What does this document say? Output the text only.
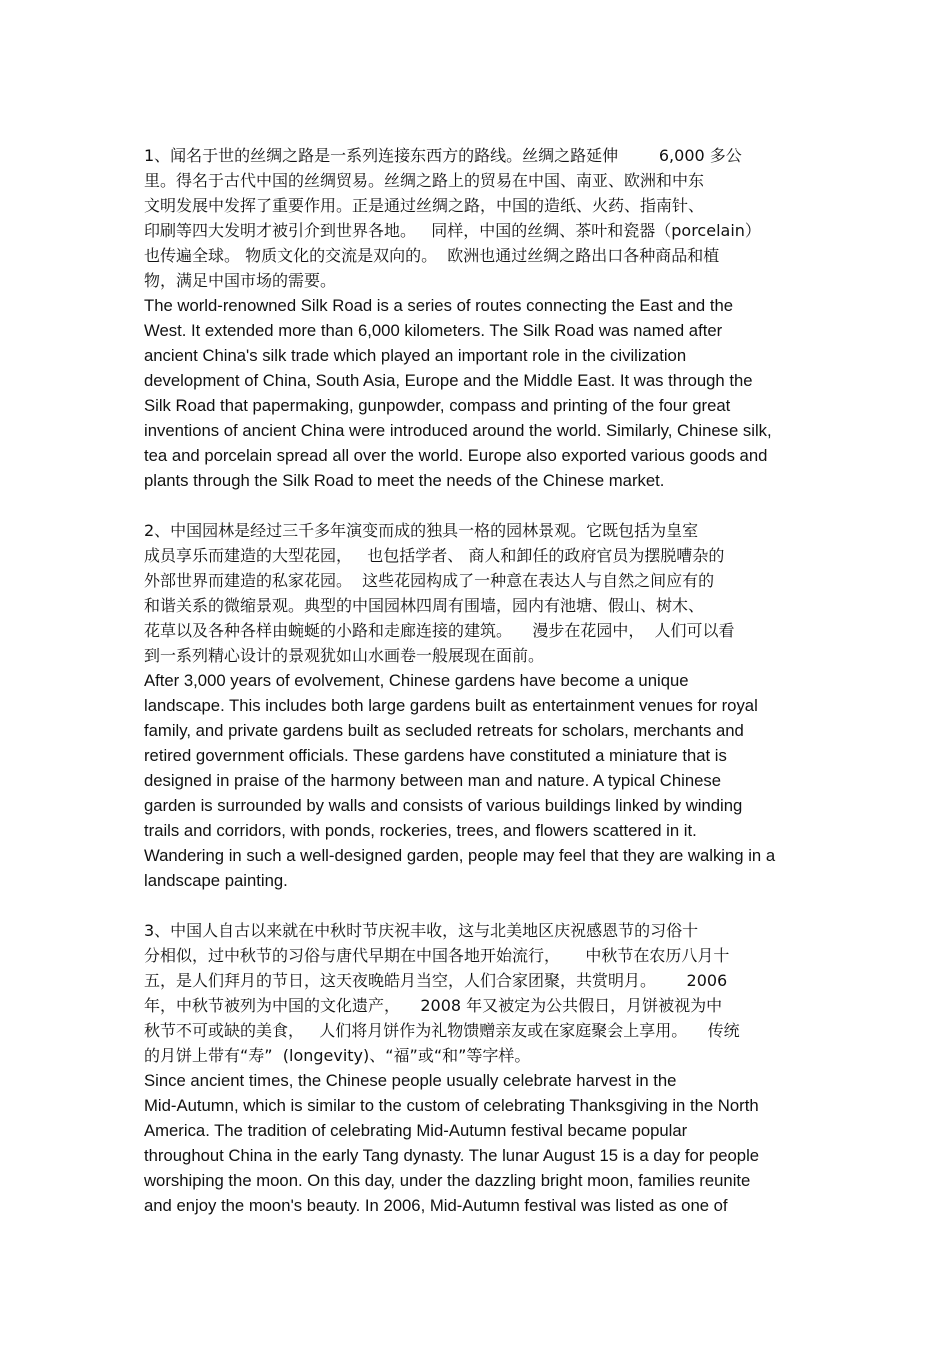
1、闻名于世的丝绸之路是一系列连接东西方的路线。丝绸之路延伸        6,000 多公
里。得名于古代中国的丝绸贸易。丝绸之路上的贸易在中国、南亚、欧洲和中东
文明发展中发挥了重要作用。正是通过丝绸之路，中国的造纸、火药、指南针、
印刷等四大发明才被引介到世界各地。   同样，中国的丝绸、茶叶和瓷器（porcelain）
也传遍全球。 物质文化的交流是双向的。  欧洲也通过丝绸之路出口各种商品和植
物，满足中国市场的需要。
The world-renowned Silk Road is a series of routes connecting the East and the
West. It extended more than 6,000 kilometers. The Silk Road was named after
ancient China's silk trade which played an important role in the civilization
development of China, South Asia, Europe and the Middle East. It was through the
Silk Road that papermaking, gunpowder, compass and printing of the four great
inventions of ancient China were introduced around the world. Similarly, Chinese silk,
tea and porcelain spread all over the world. Europe also exported various goods and
plants through the Silk Road to meet the needs of the Chinese market.
2、中国园林是经过三千多年演变而成的独具一格的园林景观。它既包括为皇室
成员享乐而建造的大型花园，   也包括学者、 商人和卸任的政府官员为摆脱嘈杂的
外部世界而建造的私家花园。  这些花园构成了一种意在表达人与自然之间应有的
和谐关系的微缩景观。典型的中国园林四周有围墙，园内有池塘、假山、树木、
花草以及各种各样由蜿蜒的小路和走廊连接的建筑。    漫步在花园中，  人们可以看
到一系列精心设计的景观犹如山水画卷一般展现在面前。
After 3,000 years of evolvement, Chinese gardens have become a unique
landscape. This includes both large gardens built as entertainment venues for royal
family, and private gardens built as secluded retreats for scholars, merchants and
retired government officials. These gardens have constituted a miniature that is
designed in praise of the harmony between man and nature. A typical Chinese
garden is surrounded by walls and consists of various buildings linked by winding
trails and corridors, with ponds, rockeries, trees, and flowers scattered in it.
Wandering in such a well-designed garden, people may feel that they are walking in a
landscape painting.
3、中国人自古以来就在中秋时节庆祝丰收，这与北美地区庆祝感恩节的习俗十
分相似，过中秋节的习俗与唐代早期在中国各地开始流行，     中秋节在农历八月十
五，是人们拜月的节日，这天夜晚皓月当空，人们合家团聚，共赏明月。      2006
年，中秋节被列为中国的文化遗产，    2008 年又被定为公共假日，月饼被视为中
秋节不可或缺的美食，   人们将月饼作为礼物馈赠亲友或在家庭聚会上享用。    传统
的月饼上带有“寿”  (longevity)、“福”或“和”等字样。
Since ancient times, the Chinese people usually celebrate harvest in the
Mid-Autumn, which is similar to the custom of celebrating Thanksgiving in the North
America. The tradition of celebrating Mid-Autumn festival became popular
throughout China in the early Tang dynasty. The lunar August 15 is a day for people
worshiping the moon. On this day, under the dazzling bright moon, families reunite
and enjoy the moon's beauty. In 2006, Mid-Autumn festival was listed as one of
